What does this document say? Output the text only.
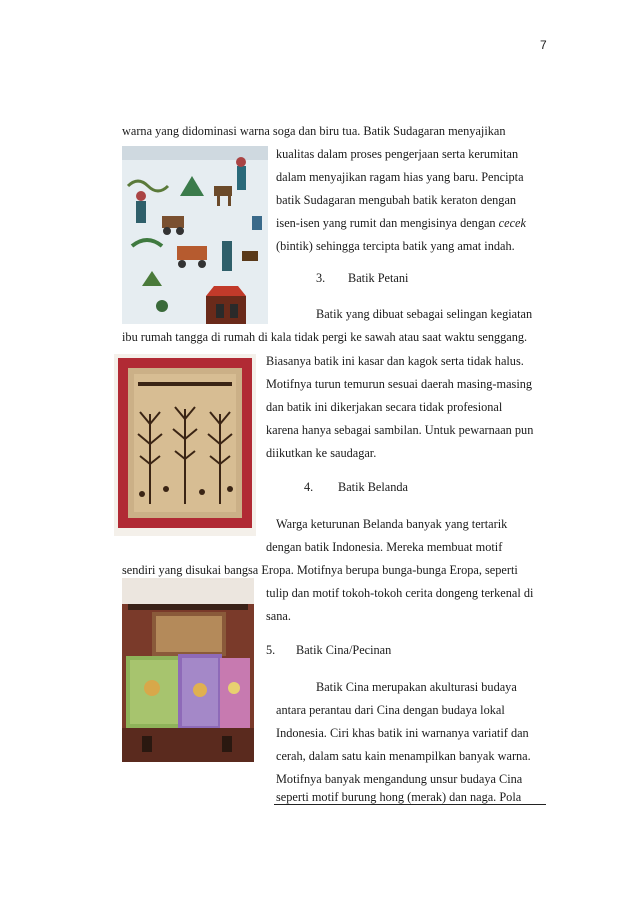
7
warna yang didominasi warna soga dan biru tua. Batik Sudagaran menyajikan
kualitas dalam proses pengerjaan serta kerumitan
dalam menyajikan ragam hias yang baru. Pencipta
batik Sudagaran mengubah batik keraton dengan
isen-isen yang rumit dan mengisinya dengan cecek
(bintik) sehingga tercipta batik yang amat indah.
3. Batik Petani
Batik yang dibuat sebagai selingan kegiatan
ibu rumah tangga di rumah di kala tidak pergi ke sawah atau saat waktu senggang.
Biasanya batik ini kasar dan kagok serta tidak halus.
Motifnya turun temurun sesuai daerah masing-masing
dan batik ini dikerjakan secara tidak profesional
karena hanya sebagai sambilan. Untuk pewarnaan pun
diikutkan ke saudagar.
4. Batik Belanda
Warga keturunan Belanda banyak yang tertarik
dengan batik Indonesia. Mereka membuat motif
sendiri yang disukai bangsa Eropa. Motifnya berupa bunga-bunga Eropa, seperti
tulip dan motif tokoh-tokoh cerita dongeng terkenal di
sana.
5. Batik Cina/Pecinan
Batik Cina merupakan akulturasi budaya
antara perantau dari Cina dengan budaya lokal
Indonesia. Ciri khas batik ini warnanya variatif dan
cerah, dalam satu kain menampilkan banyak warna.
Motifnya banyak mengandung unsur budaya Cina
seperti motif burung hong (merak) dan naga. Pola
